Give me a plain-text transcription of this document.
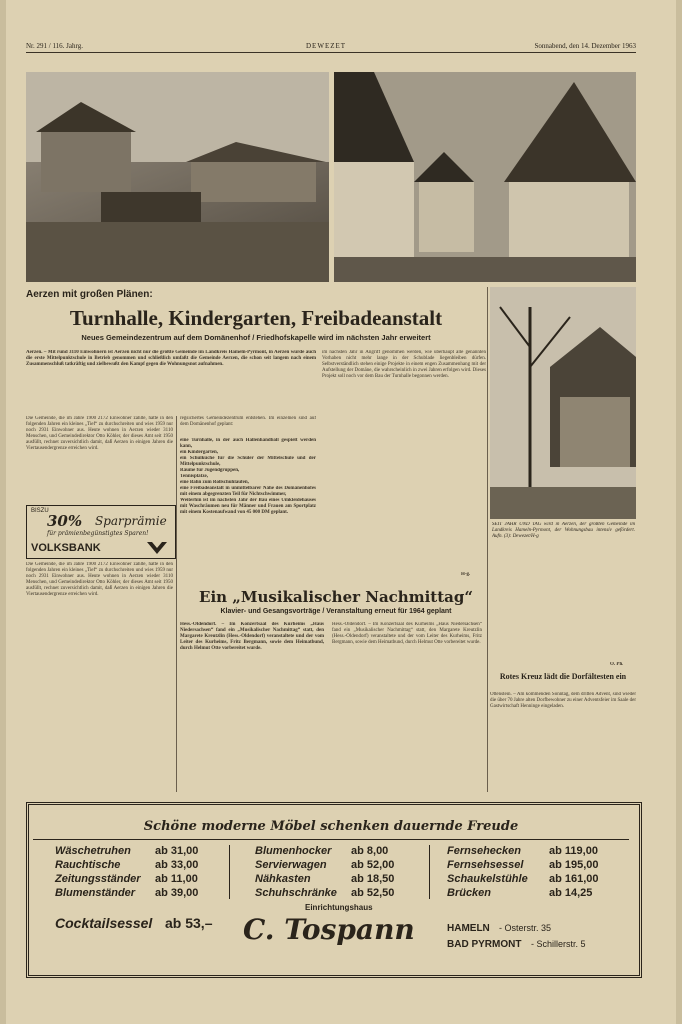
Nr. 291 / 116. Jahrg.	DEWEZET	Sonnabend, den 14. Dezember 1963
SEIT JAHR UND TAG wird in Aerzen, der größten Gemeinde im Landkreis Hameln-Pyrmont, der Wohnungsbau intensiv gefördert. Aufn. (3): Dewezet/H-g
Aerzen mit großen Plänen:
Turnhalle, Kindergarten, Freibadeanstalt
Neues Gemeindezentrum auf dem Domänenhof / Friedhofskapelle wird im nächsten Jahr erweitert
Aerzen. – Mit rund 3110 Einwohnern ist Aerzen nicht nur die größte Gemeinde im Landkreis Hameln-Pyrmont, in Aerzen wurde auch die erste Mittelpunktschule in Betrieb genommen und schließlich umfaßt die Gemeinde Aerzen, die schon seit langem nach einem Zusammenschluß tatkräftig und zielbewußt den Kampf gegen die Wohnungsnot aufnahmen.
Die Gemeinde, die im Jahre 1900 2172 Einwohner zählte, hatte in den folgenden Jahren ein kleines „Tief“ zu durchschreiten und wies 1959 nur noch 2931 Einwohner aus. Heute wohnen in Aerzen wieder 3110 Menschen, und Gemeindedirektor Otto Köhler, der dieses Amt seit 1950 ausfüllt, rechnet zuversichtlich damit, daß Aerzen in einigen Jahren die Viertausendergrenze erreichen wird.
regsichertes Gemeindezentrum entstehen. Im einzelnen sind auf dem Domänenhof geplant:
eine Turnhalle, in der auch Hallenhandball gespielt werden kann,
ein Kindergarten,
ein Schulküche für die Schüler der Mittelschule und der Mittelpunktschule,
Räume für Jugendgruppen,
Tennisplätze,
eine Bahn zum Rollschuhlaufen,
eine Freibadeanstalt in unmittelbarer Nähe des Domänenhofes mit einem abgegrenzten Teil für Nichtschwimmer,
Weiterhin ist im nächsten Jahr der Bau eines Umkleidehauses mit Waschräumen neu für Männer und Frauen am Sportplatz mit einem Kostenaufwand von 45 000 DM geplant.
im nächsten Jahr in Angriff genommen werden, wie überhaupt alle genannten Vorhaben nicht mehr lange in der Schublade liegenbleiben dürfen. Selbstverständlich stehen einige Projekte in einem engen Zusammenhang mit der Aufstellung der Domäne, die wahrscheinlich in zwei Jahren erfolgen wird. Dieses Projekt soll noch vor dem Bau der Turnhalle begonnen werden.
H-g.
BISZU
30% Sparprämie
für prämienbegünstigtes Sparen!
VOLKSBANK
Die Gemeinde, die im Jahre 1900 2172 Einwohner zählte, hatte in den folgenden Jahren ein kleines „Tief“ zu durchschreiten und wies 1959 nur noch 2931 Einwohner aus. Heute wohnen in Aerzen wieder 3110 Menschen, und Gemeindedirektor Otto Köhler, der dieses Amt seit 1950 ausfüllt, rechnet zuversichtlich damit, daß Aerzen in einigen Jahren die Viertausendergrenze erreichen wird.	Ein „Musikalischer Nachmittag“
Klavier- und Gesangsvorträge / Veranstaltung erneut für 1964 geplant
Hess.-Oldendorf. – Im Konzertsaal des Kurheims „Haus Niedersachsen“ fand ein „Musikalischer Nachmittag“ statt, den Margarete Kreutzlin (Hess.-Oldendorf) veranstaltete und der vom Leiter des Kurheims, Fritz Bergmann, sowie dem Heimatbund, durch Helmut Otte vorbereitet wurde.
Hess.-Oldendorf. – Im Konzertsaal des Kurheims „Haus Niedersachsen“ fand ein „Musikalischer Nachmittag“ statt, den Margarete Kreutzlin (Hess.-Oldendorf) veranstaltete und der vom Leiter des Kurheims, Fritz Bergmann, sowie dem Heimatbund, durch Helmut Otte vorbereitet wurde.
O. Ph.
Rotes Kreuz lädt die Dorfältesten ein
Ottenstein. – Am kommenden Sonntag, dem dritten Advent, sind wieder die über 70 Jahre alten Dorfbewohner zu einer Adventsfeier im Saale der Gastwirtschaft Henninge eingeladen.
Schöne moderne Möbel schenken dauernde Freude
Wäschetruhen ab 31,00
Rauchtische	ab 33,00
Zeitungsständer ab 11,00
Blumenständer ab 39,00
Blumenhocker ab 8,00
Servierwagen ab 52,00
Nähkasten	ab 18,50
Schuhschränke ab 52,50
Fernsehecken	ab 119,00
Fernsehsessel ab 195,00
Schaukelstühle ab 161,00
Brücken	ab 14,25
Cocktailsessel ab 53,–
Einrichtungshaus
C. Tospann	HAMELN - Osterstr. 35
BAD PYRMONT - Schillerstr. 5
